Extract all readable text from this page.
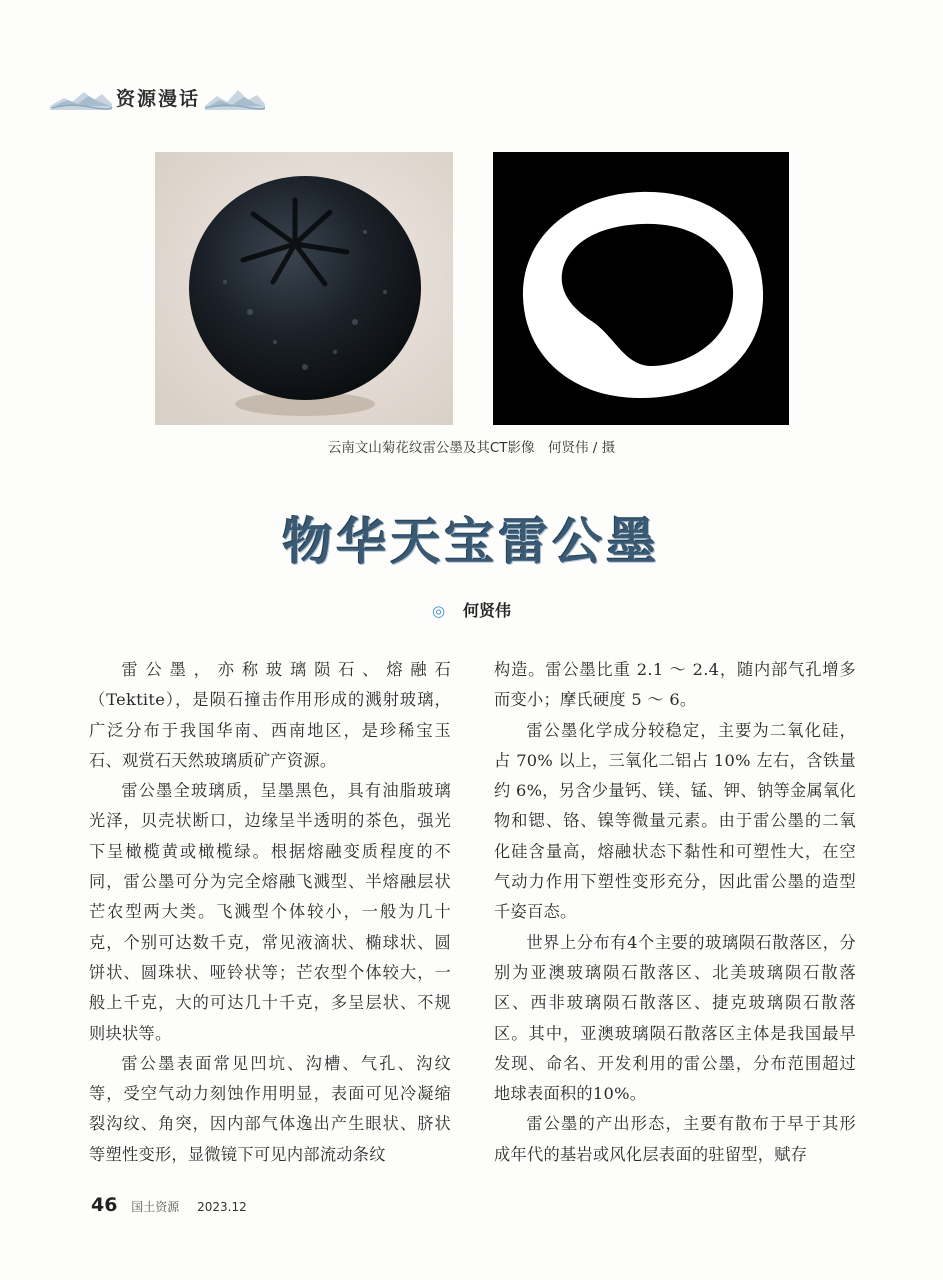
资源漫话
云南文山菊花纹雷公墨及其CT影像　何贤伟 / 摄
物华天宝雷公墨
◎ 何贤伟

雷公墨，亦称玻璃陨石、熔融石（Tektite），是陨石撞击作用形成的溅射玻璃，广泛分布于我国华南、西南地区，是珍稀宝玉石、观赏石天然玻璃质矿产资源。

雷公墨全玻璃质，呈墨黑色，具有油脂玻璃光泽，贝壳状断口，边缘呈半透明的茶色，强光下呈橄榄黄或橄榄绿。根据熔融变质程度的不同，雷公墨可分为完全熔融飞溅型、半熔融层状芒农型两大类。飞溅型个体较小，一般为几十克，个别可达数千克，常见液滴状、椭球状、圆饼状、圆珠状、哑铃状等；芒农型个体较大，一般上千克，大的可达几十千克，多呈层状、不规则块状等。

雷公墨表面常见凹坑、沟槽、气孔、沟纹等，受空气动力刻蚀作用明显，表面可见冷凝缩裂沟纹、角突，因内部气体逸出产生眼状、脐状等塑性变形，显微镜下可见内部流动条纹

构造。雷公墨比重 2.1 ～ 2.4，随内部气孔增多而变小；摩氏硬度 5 ～ 6。

雷公墨化学成分较稳定，主要为二氧化硅，占 70% 以上，三氧化二铝占 10% 左右，含铁量约 6%，另含少量钙、镁、锰、钾、钠等金属氧化物和锶、铬、镍等微量元素。由于雷公墨的二氧化硅含量高，熔融状态下黏性和可塑性大，在空气动力作用下塑性变形充分，因此雷公墨的造型千姿百态。

世界上分布有4个主要的玻璃陨石散落区，分别为亚澳玻璃陨石散落区、北美玻璃陨石散落区、西非玻璃陨石散落区、捷克玻璃陨石散落区。其中，亚澳玻璃陨石散落区主体是我国最早发现、命名、开发利用的雷公墨，分布范围超过地球表面积的10%。

雷公墨的产出形态，主要有散布于早于其形成年代的基岩或风化层表面的驻留型，赋存

46 国土资源 2023.12
